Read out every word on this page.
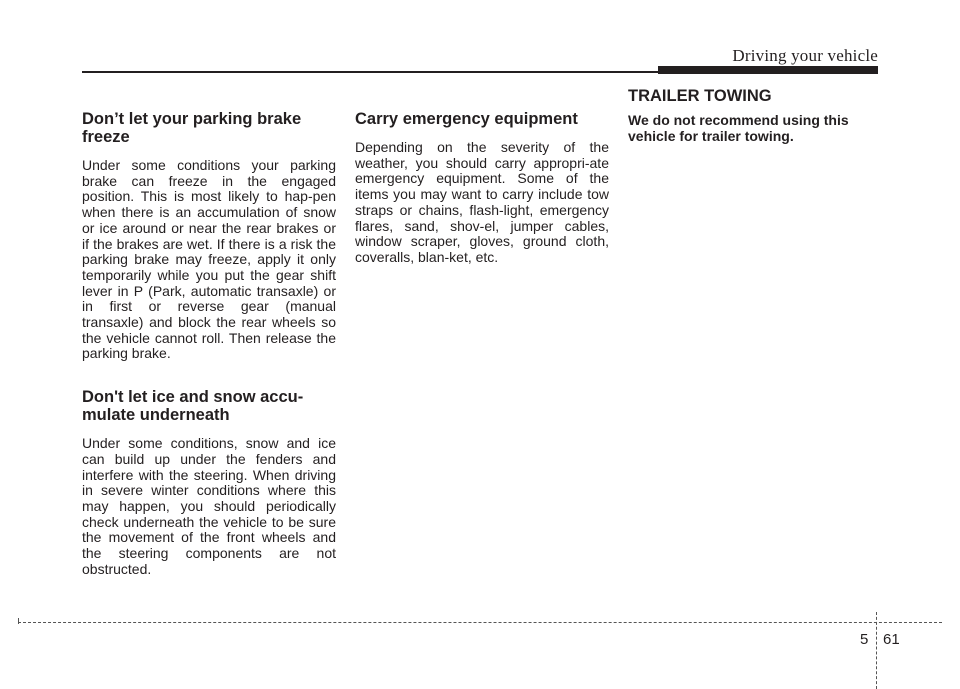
Driving your vehicle
Don’t let your parking brake freeze

Under some conditions your parking brake can freeze in the engaged position. This is most likely to hap-pen when there is an accumulation of snow or ice around or near the rear brakes or if the brakes are wet. If there is a risk the parking brake may freeze, apply it only temporarily while you put the gear shift lever in P (Park, automatic transaxle) or in first or reverse gear (manual transaxle) and block the rear wheels so the vehicle cannot roll. Then release the parking brake.

Don't let ice and snow accu-mulate underneath

Under some conditions, snow and ice can build up under the fenders and interfere with the steering. When driving in severe winter conditions where this may happen, you should periodically check underneath the vehicle to be sure the movement of the front wheels and the steering components are not obstructed.

Carry emergency equipment

Depending on the severity of the weather, you should carry appropri-ate emergency equipment. Some of the items you may want to carry include tow straps or chains, flash-light, emergency flares, sand, shov-el, jumper cables, window scraper, gloves, ground cloth, coveralls, blan-ket, etc.

TRAILER TOWING
We do not recommend using this vehicle for trailer towing.
5 61
